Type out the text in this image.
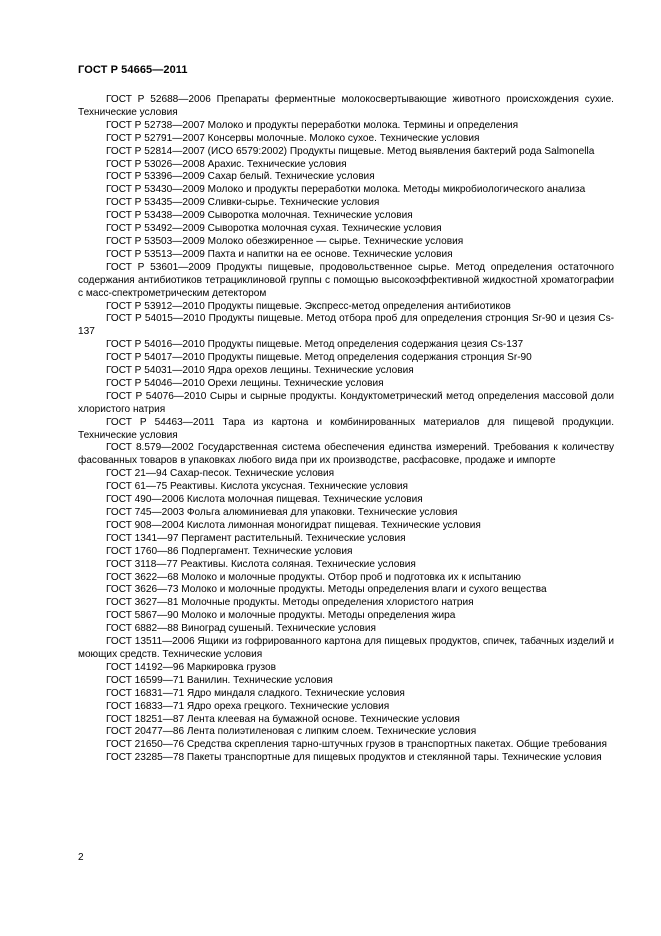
ГОСТ Р 54665—2011

ГОСТ Р 52688—2006 Препараты ферментные молокосвертывающие животного происхождения сухие. Технические условия

ГОСТ Р 52738—2007 Молоко и продукты переработки молока. Термины и определения

ГОСТ Р 52791—2007 Консервы молочные. Молоко сухое. Технические условия

ГОСТ Р 52814—2007 (ИСО 6579:2002) Продукты пищевые. Метод выявления бактерий рода Salmonella

ГОСТ Р 53026—2008 Арахис. Технические условия

ГОСТ Р 53396—2009 Сахар белый. Технические условия

ГОСТ Р 53430—2009 Молоко и продукты переработки молока. Методы микробиологического анализа

ГОСТ Р 53435—2009 Сливки-сырье. Технические условия

ГОСТ Р 53438—2009 Сыворотка молочная. Технические условия

ГОСТ Р 53492—2009 Сыворотка молочная сухая. Технические условия

ГОСТ Р 53503—2009 Молоко обезжиренное — сырье. Технические условия

ГОСТ Р 53513—2009 Пахта и напитки на ее основе. Технические условия

ГОСТ Р 53601—2009 Продукты пищевые, продовольственное сырье. Метод определения остаточного содержания антибиотиков тетрациклиновой группы с помощью высокоэффективной жидкостной хроматографии с масс-спектрометрическим детектором

ГОСТ Р 53912—2010 Продукты пищевые. Экспресс-метод определения антибиотиков

ГОСТ Р 54015—2010 Продукты пищевые. Метод отбора проб для определения стронция Sr-90 и цезия Cs-137

ГОСТ Р 54016—2010 Продукты пищевые. Метод определения содержания цезия Cs-137

ГОСТ Р 54017—2010 Продукты пищевые. Метод определения содержания стронция Sr-90

ГОСТ Р 54031—2010 Ядра орехов лещины. Технические условия

ГОСТ Р 54046—2010 Орехи лещины. Технические условия

ГОСТ Р 54076—2010 Сыры и сырные продукты. Кондуктометрический метод определения массовой доли хлористого натрия

ГОСТ Р 54463—2011 Тара из картона и комбинированных материалов для пищевой продукции. Технические условия

ГОСТ 8.579—2002 Государственная система обеспечения единства измерений. Требования к количеству фасованных товаров в упаковках любого вида при их производстве, расфасовке, продаже и импорте

ГОСТ 21—94 Сахар-песок. Технические условия

ГОСТ 61—75 Реактивы. Кислота уксусная. Технические условия

ГОСТ 490—2006 Кислота молочная пищевая. Технические условия

ГОСТ 745—2003 Фольга алюминиевая для упаковки. Технические условия

ГОСТ 908—2004 Кислота лимонная моногидрат пищевая. Технические условия

ГОСТ 1341—97 Пергамент растительный. Технические условия

ГОСТ 1760—86 Подпергамент. Технические условия

ГОСТ 3118—77 Реактивы. Кислота соляная. Технические условия

ГОСТ 3622—68 Молоко и молочные продукты. Отбор проб и подготовка их к испытанию

ГОСТ 3626—73 Молоко и молочные продукты. Методы определения влаги и сухого вещества

ГОСТ 3627—81 Молочные продукты. Методы определения хлористого натрия

ГОСТ 5867—90 Молоко и молочные продукты. Методы определения жира

ГОСТ 6882—88 Виноград сушеный. Технические условия

ГОСТ 13511—2006 Ящики из гофрированного картона для пищевых продуктов, спичек, табачных изделий и моющих средств. Технические условия

ГОСТ 14192—96 Маркировка грузов

ГОСТ 16599—71 Ванилин. Технические условия

ГОСТ 16831—71 Ядро миндаля сладкого. Технические условия

ГОСТ 16833—71 Ядро ореха грецкого. Технические условия

ГОСТ 18251—87 Лента клеевая на бумажной основе. Технические условия

ГОСТ 20477—86 Лента полиэтиленовая с липким слоем. Технические условия

ГОСТ 21650—76 Средства скрепления тарно-штучных грузов в транспортных пакетах. Общие требования

ГОСТ 23285—78 Пакеты транспортные для пищевых продуктов и стеклянной тары. Технические условия

2
